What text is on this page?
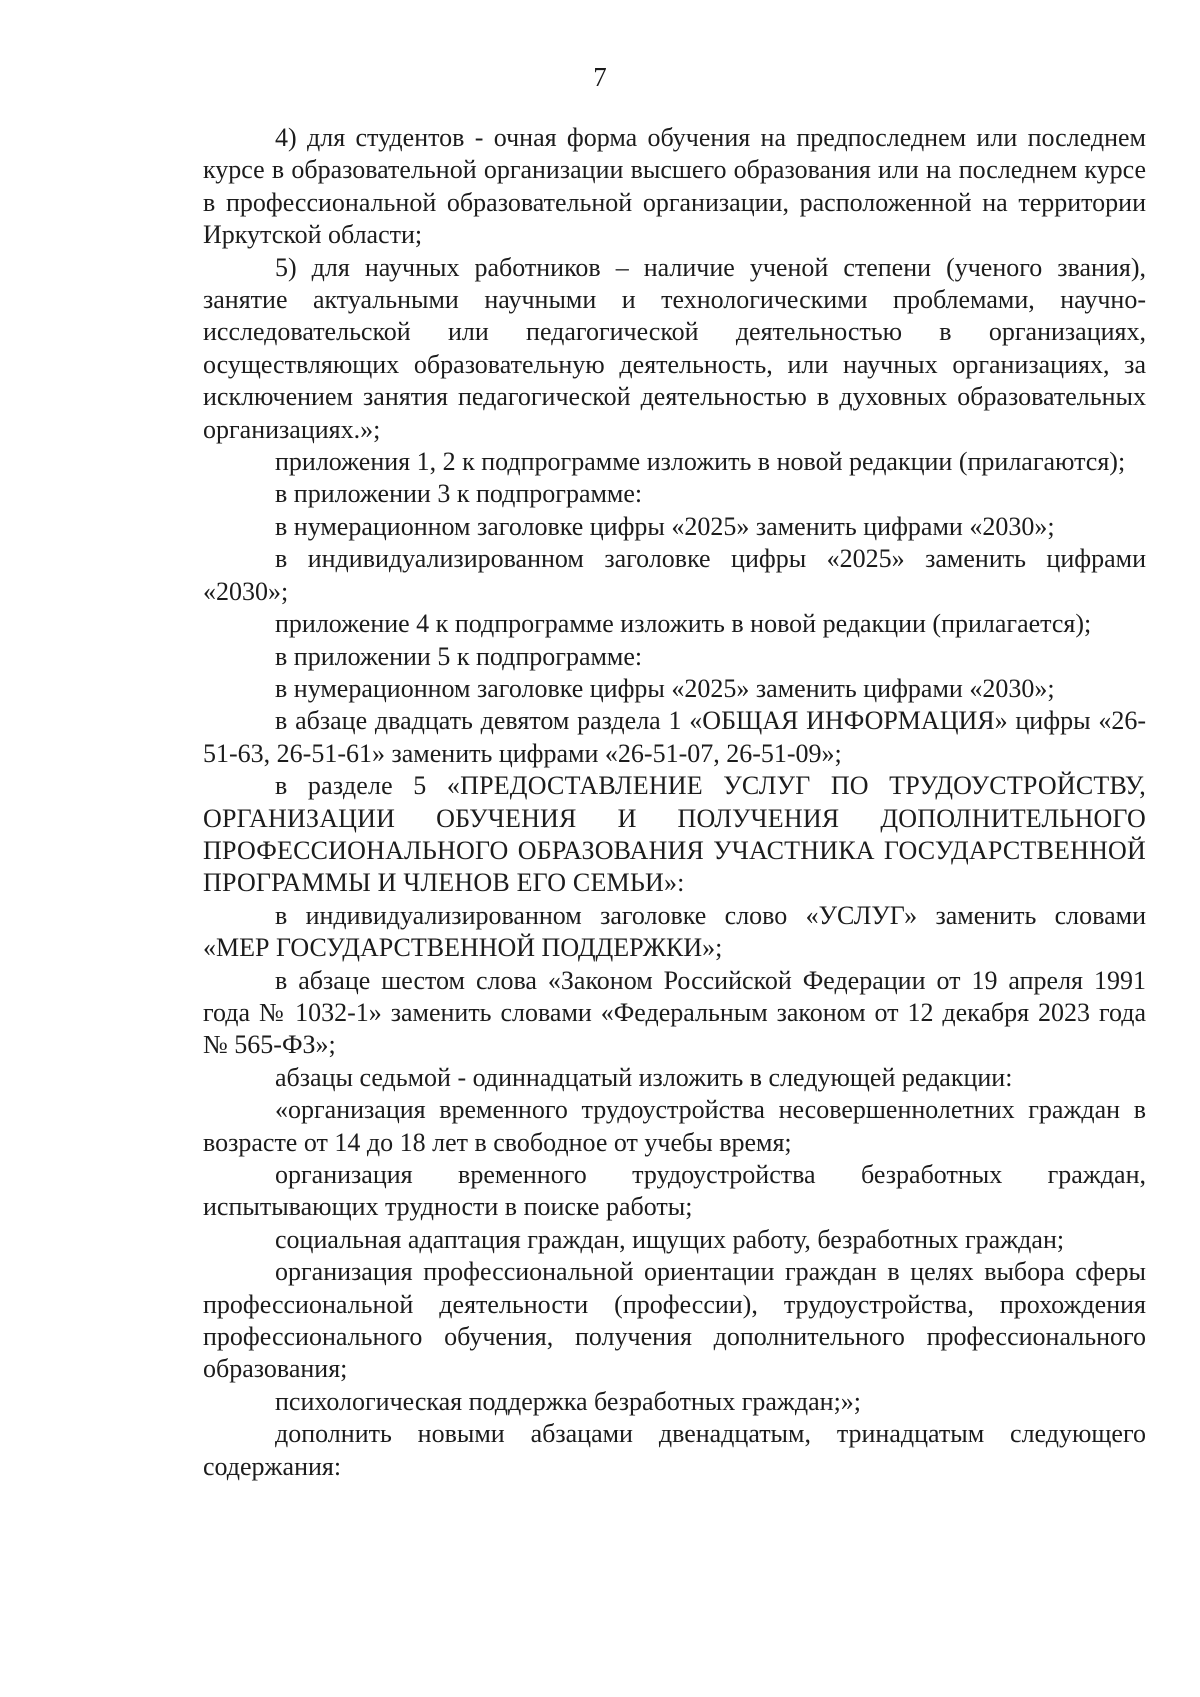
7

4) для студентов - очная форма обучения на предпоследнем или последнем курсе в образовательной организации высшего образования или на последнем курсе в профессиональной образовательной организации, расположенной на территории Иркутской области;

5) для научных работников – наличие ученой степени (ученого звания), занятие актуальными научными и технологическими проблемами, научно-исследовательской или педагогической деятельностью в организациях, осуществляющих образовательную деятельность, или научных организациях, за исключением занятия педагогической деятельностью в духовных образовательных организациях.»;

приложения 1, 2 к подпрограмме изложить в новой редакции (прилагаются);

в приложении 3 к подпрограмме:

в нумерационном заголовке цифры «2025» заменить цифрами «2030»;

в индивидуализированном заголовке цифры «2025» заменить цифрами «2030»;

приложение 4 к подпрограмме изложить в новой редакции (прилагается);

в приложении 5 к подпрограмме:

в нумерационном заголовке цифры «2025» заменить цифрами «2030»;

в абзаце двадцать девятом раздела 1 «ОБЩАЯ ИНФОРМАЦИЯ» цифры «26-51-63, 26-51-61» заменить цифрами «26-51-07, 26-51-09»;

в разделе 5 «ПРЕДОСТАВЛЕНИЕ УСЛУГ ПО ТРУДОУСТРОЙСТВУ, ОРГАНИЗАЦИИ ОБУЧЕНИЯ И ПОЛУЧЕНИЯ ДОПОЛНИТЕЛЬНОГО ПРОФЕССИОНАЛЬНОГО ОБРАЗОВАНИЯ УЧАСТНИКА ГОСУДАРСТВЕННОЙ ПРОГРАММЫ И ЧЛЕНОВ ЕГО СЕМЬИ»:

в индивидуализированном заголовке слово «УСЛУГ» заменить словами «МЕР ГОСУДАРСТВЕННОЙ ПОДДЕРЖКИ»;

в абзаце шестом слова «Законом Российской Федерации от 19 апреля 1991 года № 1032-1» заменить словами «Федеральным законом от 12 декабря 2023 года № 565-ФЗ»;

абзацы седьмой - одиннадцатый изложить в следующей редакции:

«организация временного трудоустройства несовершеннолетних граждан в возрасте от 14 до 18 лет в свободное от учебы время;

организация временного трудоустройства безработных граждан, испытывающих трудности в поиске работы;

социальная адаптация граждан, ищущих работу, безработных граждан;

организация профессиональной ориентации граждан в целях выбора сферы профессиональной деятельности (профессии), трудоустройства, прохождения профессионального обучения, получения дополнительного профессионального образования;

психологическая поддержка безработных граждан;»;

дополнить новыми абзацами двенадцатым, тринадцатым следующего содержания:
